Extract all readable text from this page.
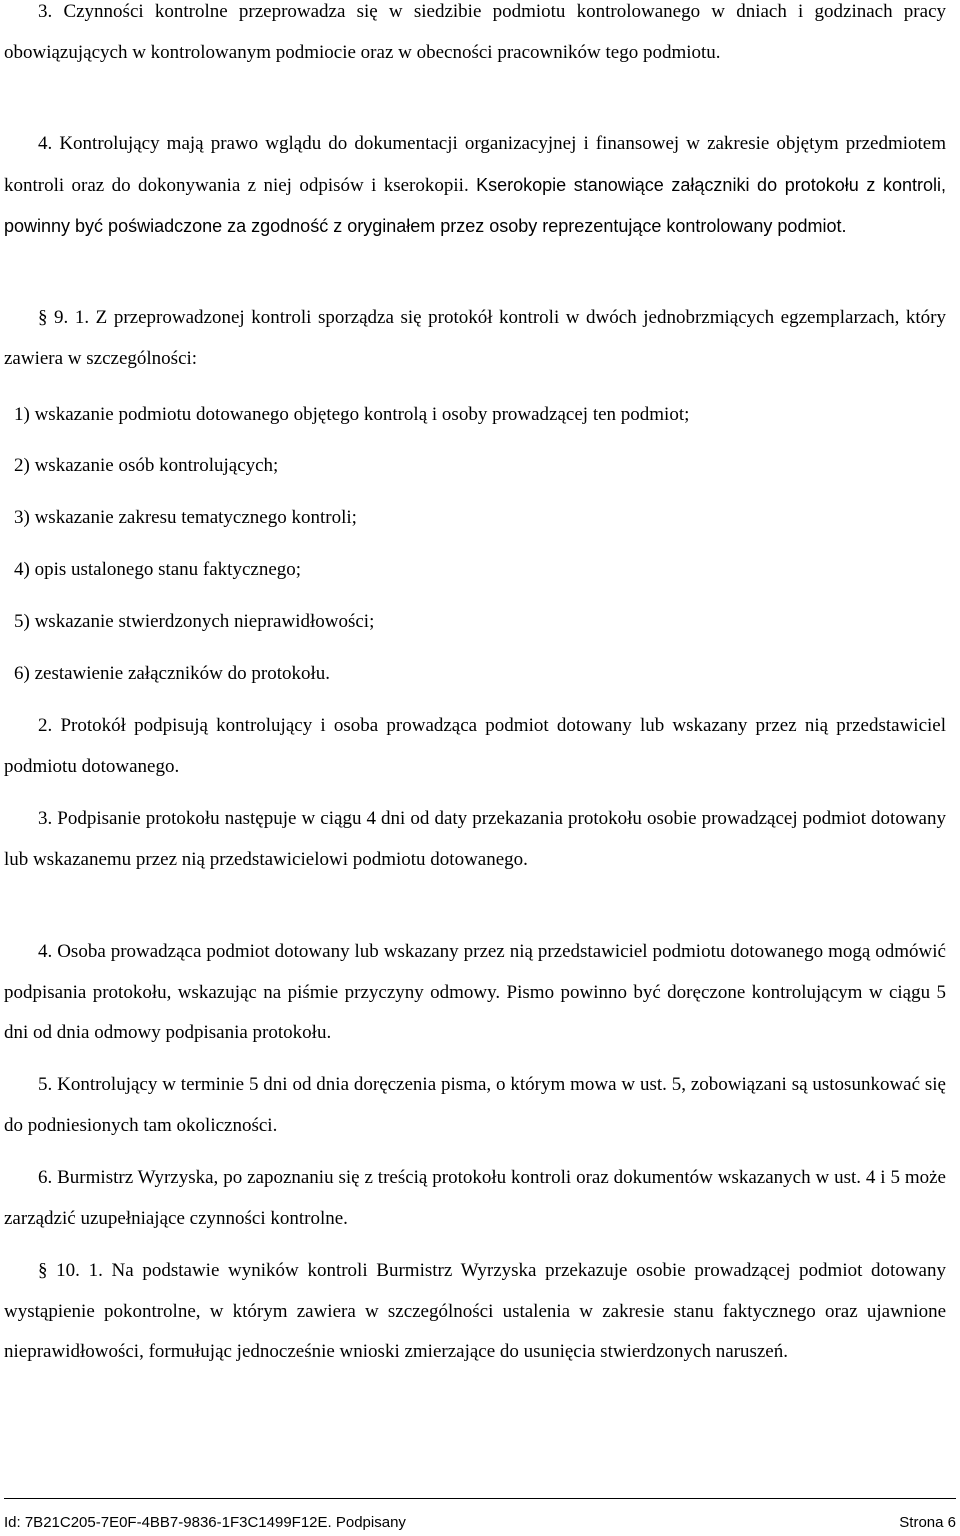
3. Czynności kontrolne przeprowadza się w siedzibie podmiotu kontrolowanego w dniach i godzinach pracy obowiązujących w kontrolowanym podmiocie oraz w obecności pracowników tego podmiotu.

4. Kontrolujący mają prawo wglądu do dokumentacji organizacyjnej i finansowej w zakresie objętym przedmiotem kontroli oraz do dokonywania z niej odpisów i kserokopii. Kserokopie stanowiące załączniki do protokołu z kontroli, powinny być poświadczone za zgodność z oryginałem przez osoby reprezentujące kontrolowany podmiot.

§ 9. 1. Z przeprowadzonej kontroli sporządza się protokół kontroli w dwóch jednobrzmiących egzemplarzach, który zawiera w szczególności:

1) wskazanie podmiotu dotowanego objętego kontrolą i osoby prowadzącej ten podmiot;

2) wskazanie osób kontrolujących;

3) wskazanie zakresu tematycznego kontroli;

4) opis ustalonego stanu faktycznego;

5) wskazanie stwierdzonych nieprawidłowości;

6) zestawienie załączników do protokołu.

2. Protokół podpisują kontrolujący i osoba prowadząca podmiot dotowany lub wskazany przez nią przedstawiciel podmiotu dotowanego.

3. Podpisanie protokołu następuje w ciągu 4 dni od daty przekazania protokołu osobie prowadzącej podmiot dotowany lub wskazanemu przez nią przedstawicielowi podmiotu dotowanego.

4. Osoba prowadząca podmiot dotowany lub wskazany przez nią przedstawiciel podmiotu dotowanego mogą odmówić podpisania protokołu, wskazując na piśmie przyczyny odmowy. Pismo powinno być doręczone kontrolującym w ciągu 5 dni od dnia odmowy podpisania protokołu.

5. Kontrolujący w terminie 5 dni od dnia doręczenia pisma, o którym mowa w ust. 5, zobowiązani są ustosunkować się do podniesionych tam okoliczności.

6. Burmistrz Wyrzyska, po zapoznaniu się z treścią protokołu kontroli oraz dokumentów wskazanych w ust. 4 i 5 może zarządzić uzupełniające czynności kontrolne.

§ 10. 1. Na podstawie wyników kontroli Burmistrz Wyrzyska przekazuje osobie prowadzącej podmiot dotowany wystąpienie pokontrolne, w którym zawiera w szczególności ustalenia w zakresie stanu faktycznego oraz ujawnione nieprawidłowości, formułując jednocześnie wnioski zmierzające do usunięcia stwierdzonych naruszeń.

Id: 7B21C205-7E0F-4BB7-9836-1F3C1499F12E. Podpisany	Strona 6
